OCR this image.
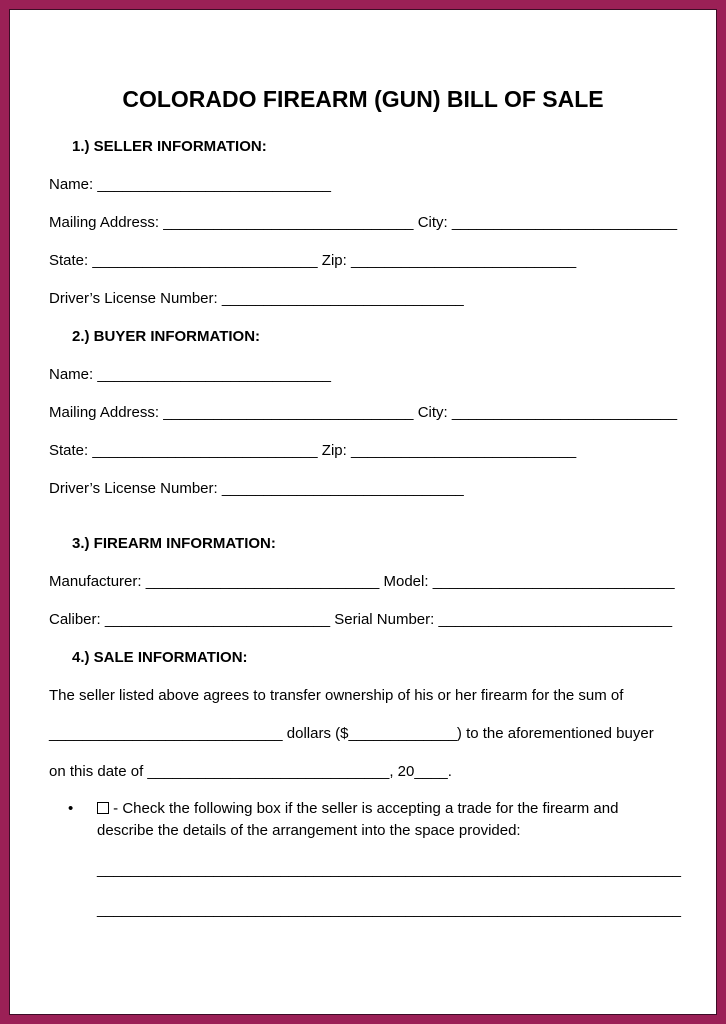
COLORADO FIREARM (GUN) BILL OF SALE
1.) SELLER INFORMATION:
Name: ____________________________
Mailing Address: ______________________________ City: ___________________________
State: ___________________________ Zip: ___________________________
Driver’s License Number: _____________________________
2.) BUYER INFORMATION:
Name: ____________________________
Mailing Address: ______________________________ City: ___________________________
State: ___________________________ Zip: ___________________________
Driver’s License Number: _____________________________
3.) FIREARM INFORMATION:
Manufacturer: ____________________________ Model: _____________________________
Caliber: ___________________________ Serial Number: ____________________________
4.) SALE INFORMATION:
The seller listed above agrees to transfer ownership of his or her firearm for the sum of
____________________________ dollars ($_____________) to the aforementioned buyer
on this date of _____________________________, 20____.
•	- Check the following box if the seller is accepting a trade for the firearm and
describe the details of the arrangement into the space provided:
______________________________________________________________________
______________________________________________________________________
